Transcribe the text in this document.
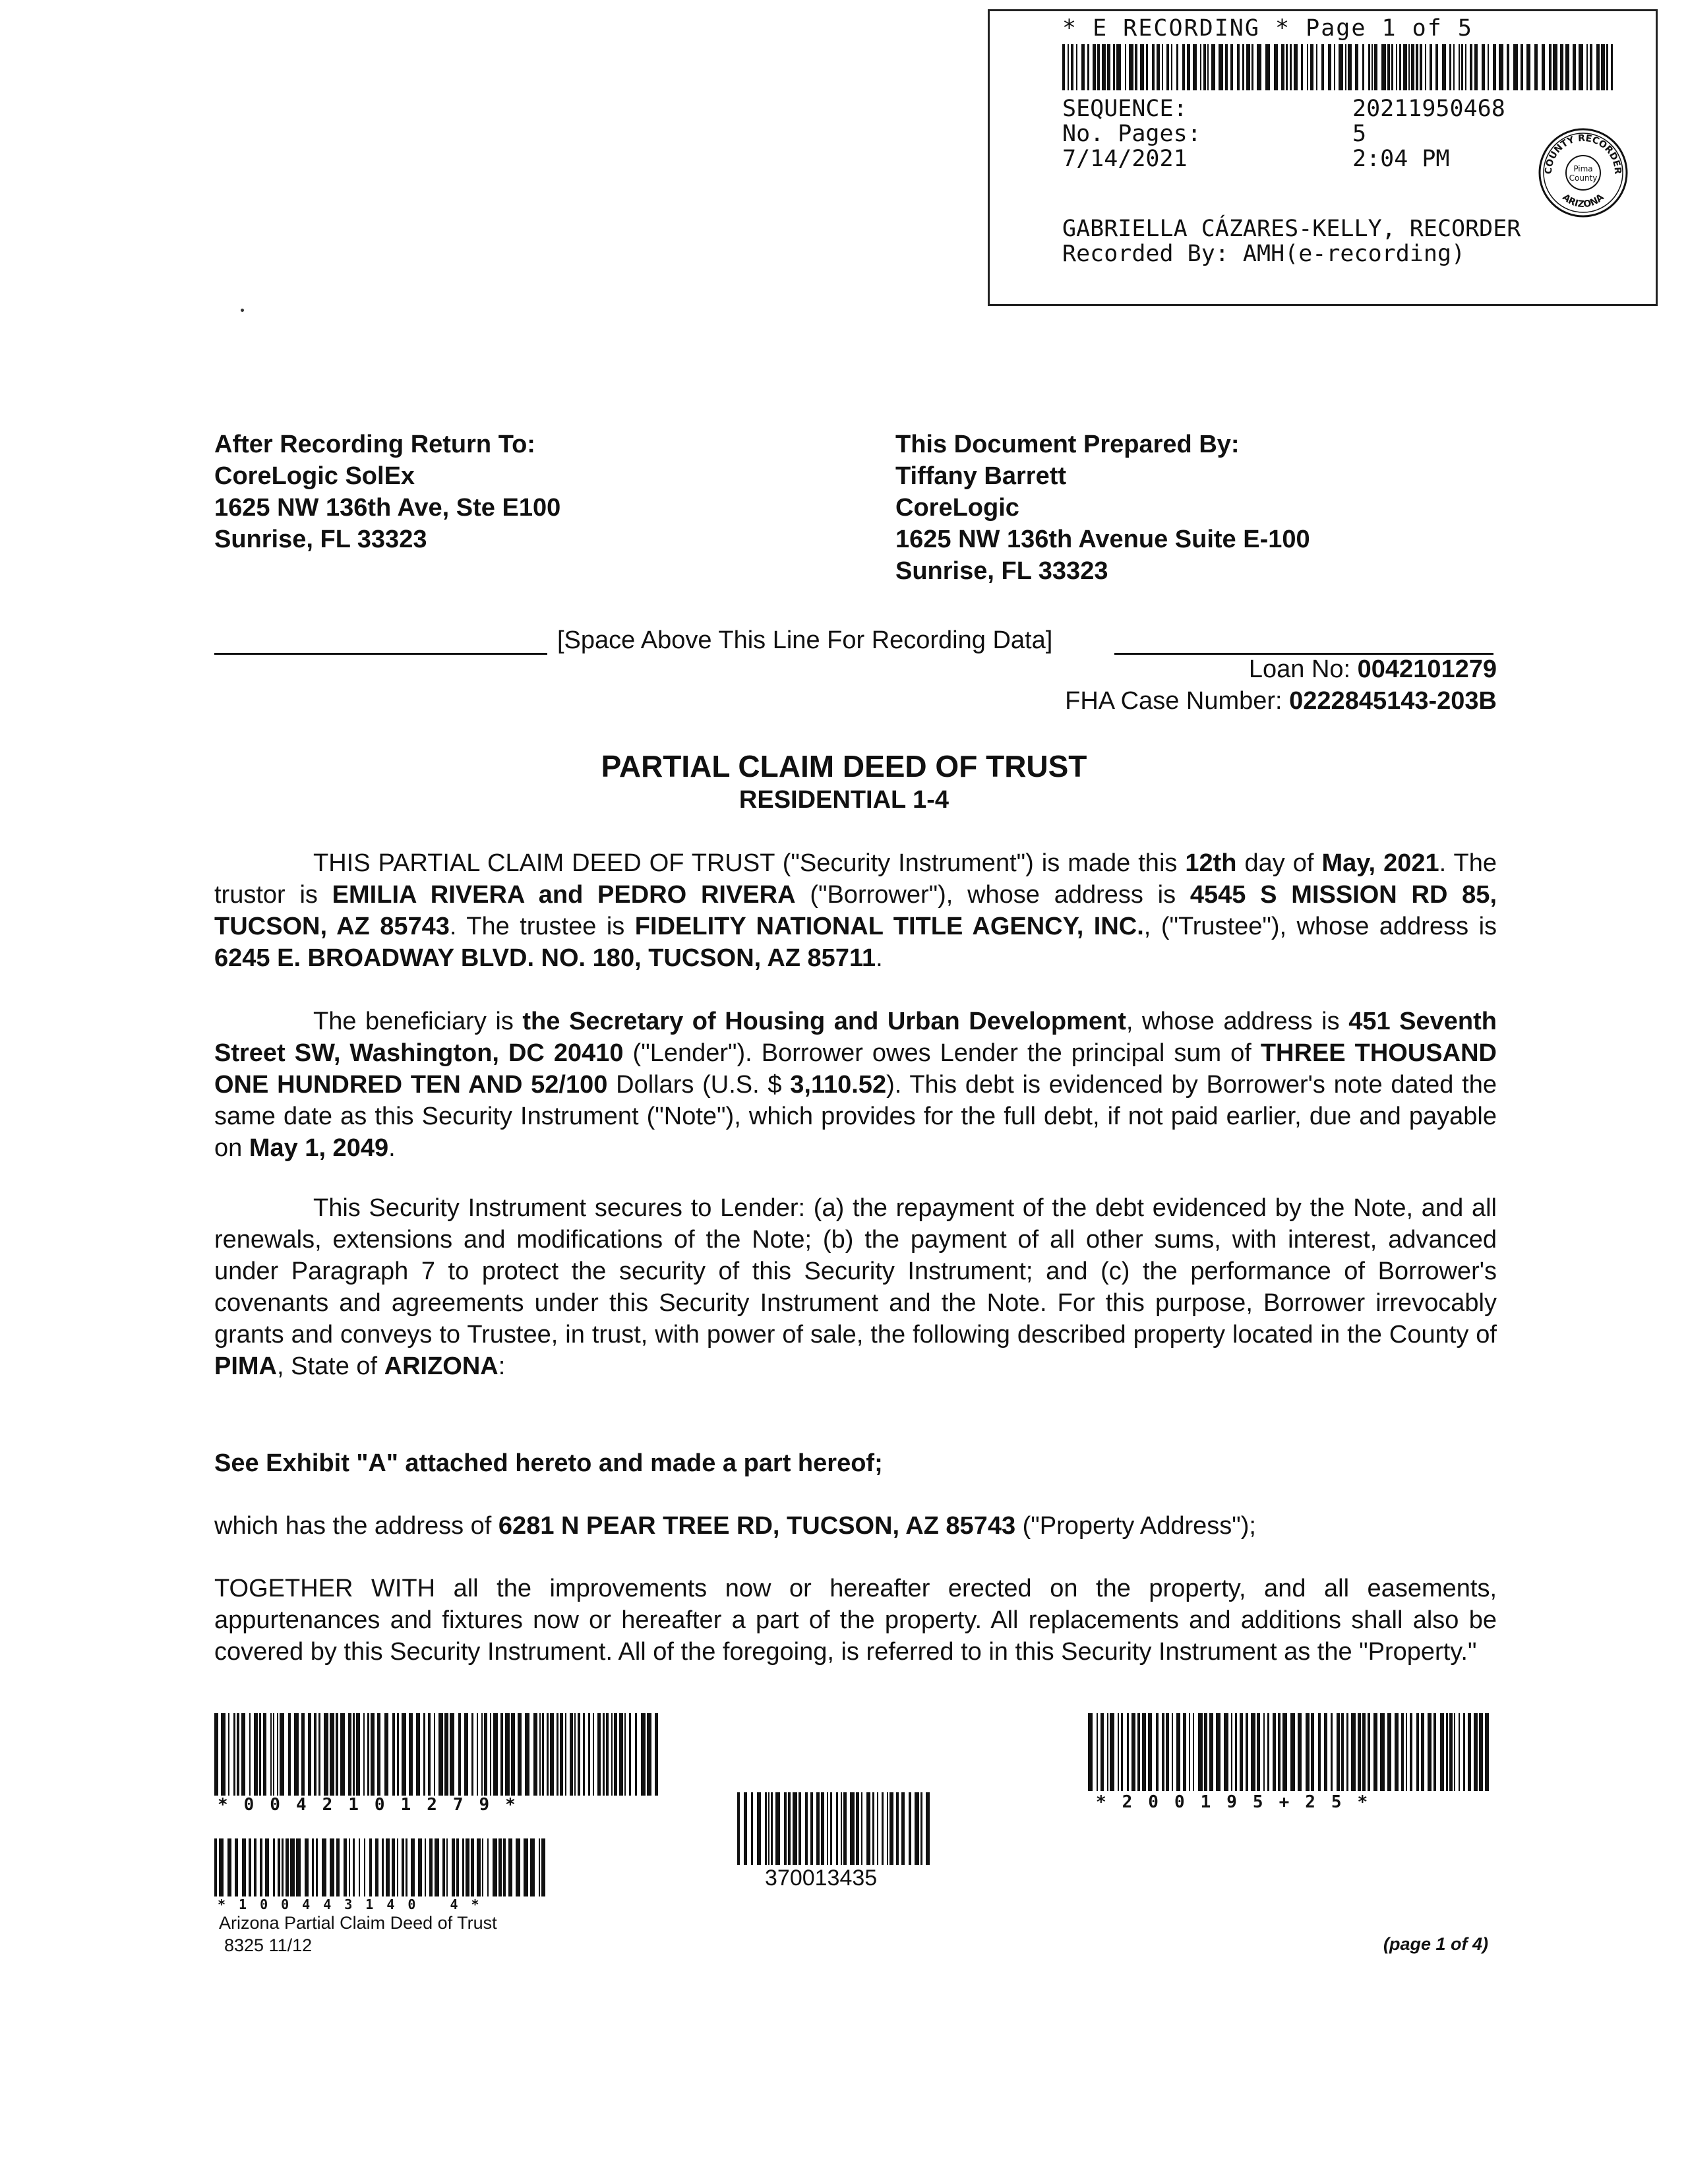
* E RECORDING * Page 1 of 5
SEQUENCE:	20211950468
No. Pages:	5
7/14/2021	2:04 PM	COUNTY RECORDER
ARIZONA
Pima
County
GABRIELLA CÁZARES-KELLY, RECORDER
Recorded By: AMH(e-recording)
After Recording Return To:
CoreLogic SolEx
1625 NW 136th Ave, Ste E100
Sunrise, FL 33323
This Document Prepared By:
Tiffany Barrett
CoreLogic
1625 NW 136th Avenue Suite E-100
Sunrise, FL 33323
[Space Above This Line For Recording Data]
Loan No: 0042101279
FHA Case Number: 0222845143-203B
PARTIAL CLAIM DEED OF TRUST
RESIDENTIAL 1-4
THIS PARTIAL CLAIM DEED OF TRUST ("Security Instrument") is made this 12th day of May, 2021. The trustor is EMILIA RIVERA and PEDRO RIVERA ("Borrower"), whose address is 4545 S MISSION RD 85, TUCSON, AZ 85743. The trustee is FIDELITY NATIONAL TITLE AGENCY, INC., ("Trustee"), whose address is 6245 E. BROADWAY BLVD. NO. 180, TUCSON, AZ 85711.
The beneficiary is the Secretary of Housing and Urban Development, whose address is 451 Seventh Street SW, Washington, DC 20410 ("Lender"). Borrower owes Lender the principal sum of THREE THOUSAND ONE HUNDRED TEN AND 52/100 Dollars (U.S. $ 3,110.52). This debt is evidenced by Borrower's note dated the same date as this Security Instrument ("Note"), which provides for the full debt, if not paid earlier, due and payable on May 1, 2049.
This Security Instrument secures to Lender: (a) the repayment of the debt evidenced by the Note, and all renewals, extensions and modifications of the Note; (b) the payment of all other sums, with interest, advanced under Paragraph 7 to protect the security of this Security Instrument; and (c) the performance of Borrower's covenants and agreements under this Security Instrument and the Note. For this purpose, Borrower irrevocably grants and conveys to Trustee, in trust, with power of sale, the following described property located in the County of PIMA, State of ARIZONA:
See Exhibit "A" attached hereto and made a part hereof;
which has the address of 6281 N PEAR TREE RD, TUCSON, AZ 85743 ("Property Address");
TOGETHER WITH all the improvements now or hereafter erected on the property, and all easements, appurtenances and fixtures now or hereafter a part of the property. All replacements and additions shall also be covered by this Security Instrument. All of the foregoing, is referred to in this Security Instrument as the "Property."
*0042101279*
370013435
*200195+25*
*100443140 4*
Arizona Partial Claim Deed of Trust
8325 11/12	(page 1 of 4)
